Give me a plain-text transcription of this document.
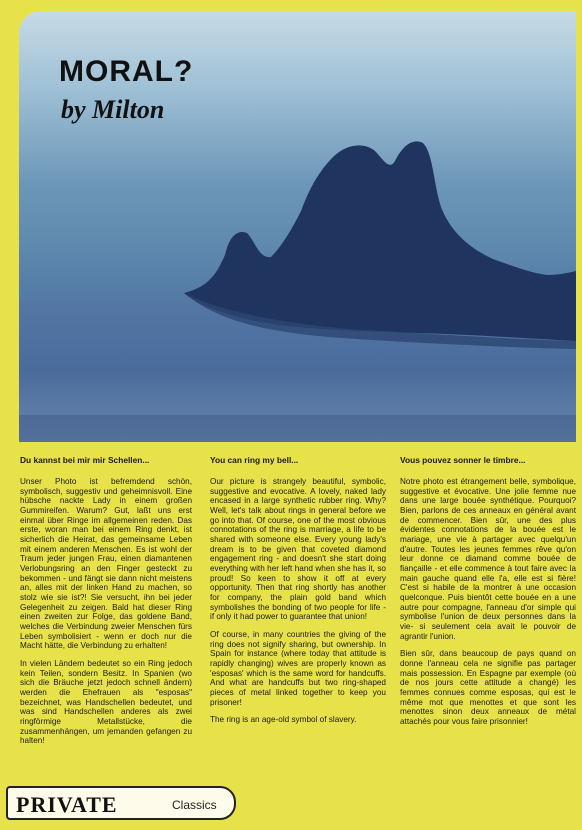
MORAL?
by Milton
Du kannst bei mir mir Schellen...

Unser Photo ist befremdend schön, symbolisch, suggestiv und geheimnisvoll. Eine hübsche nackte Lady in einem großen Gummireifen. Warum? Gut, laßt uns erst einmal über Ringe im allgemeinen reden. Das erste, woran man bei einem Ring denkt, ist sicherlich die Heirat, das gemeinsame Leben mit einem anderen Menschen. Es ist wohl der Traum jeder jungen Frau, einen diamantenen Verlobungsring an den Finger gesteckt zu bekommen - und fängt sie dann nicht meistens an, alles mit der linken Hand zu machen, so stolz wie sie ist?! Sie versucht, ihn bei jeder Gelegenheit zu zeigen. Bald hat dieser Ring einen zweiten zur Folge, das goldene Band, welches die Verbindung zweier Menschen fürs Leben symbolisiert - wenn er doch nur die Macht hätte, die Verbindung zu erhalten!

In vielen Ländern bedeutet so ein Ring jedoch kein Teilen, sondern Besitz. In Spanien (wo sich die Bräuche jetzt jedoch schnell ändern) werden die Ehefrauen als "esposas" bezeichnet, was Handschellen bedeutet, und was sind Handschellen anderes als zwei ringförmige Metallstücke, die zusammenhängen, um jemanden gefangen zu halten!

You can ring my bell...

Our picture is strangely beautiful, symbolic, suggestive and evocative. A lovely, naked lady encased in a large synthetic rubber ring. Why? Well, let's talk about rings in general before we go into that. Of course, one of the most obvious connotations of the ring is marriage, a life to be shared with someone else. Every young lady's dream is to be given that coveted diamond engagement ring - and doesn't she start doing everything with her left hand when she has it, so proud! So keen to show it off at every opportunity. Then that ring shortly has another for company, the plain gold band which symbolishes the bonding of two people for life - if only it had power to guarantee that union!

Of course, in many countries the giving of the ring does not signify sharing, but ownership. In Spain for instance (where today that attitude is rapidly changing) wives are properly known as 'esposas' which is the same word for handcuffs. And what are handcuffs but two ring-shaped pieces of metal linked together to keep you prisoner!

The ring is an age-old symbol of slavery.

Vous pouvez sonner le timbre...

Notre photo est étrangement belle, symbolique, suggestive et évocative. Une jolie femme nue dans une large bouée synthétique. Pourquoi? Bien, parlons de ces anneaux en général avant de commencer. Bien sûr, une des plus évidentes connotations de la bouée est le mariage, une vie à partager avec quelqu'un d'autre. Toutes les jeunes femmes rêve qu'on leur donne ce diamand comme bouée de fiançaille - et elle commence à tout faire avec la main gauche quand elle l'a, elle est si fière! C'est si habile de la montrer à une occasion quelconque. Puis bientôt cette bouée en a une autre pour compagne, l'anneau d'or simple qui symbolise l'union de deux personnes dans la vie- si seulement cela avait le pouvoir de agrantir l'union.

Bien sûr, dans beaucoup de pays quand on donne l'anneau cela ne signifie pas partager mais possession. En Espagne par exemple (où de nos jours cette attitude a changé) les femmes connues comme esposas, qui est le même mot que menottes et que sont les menottes sinon deux anneaux de métal attachés pour vous faire prisonnier!

PRIVATE	Classics
